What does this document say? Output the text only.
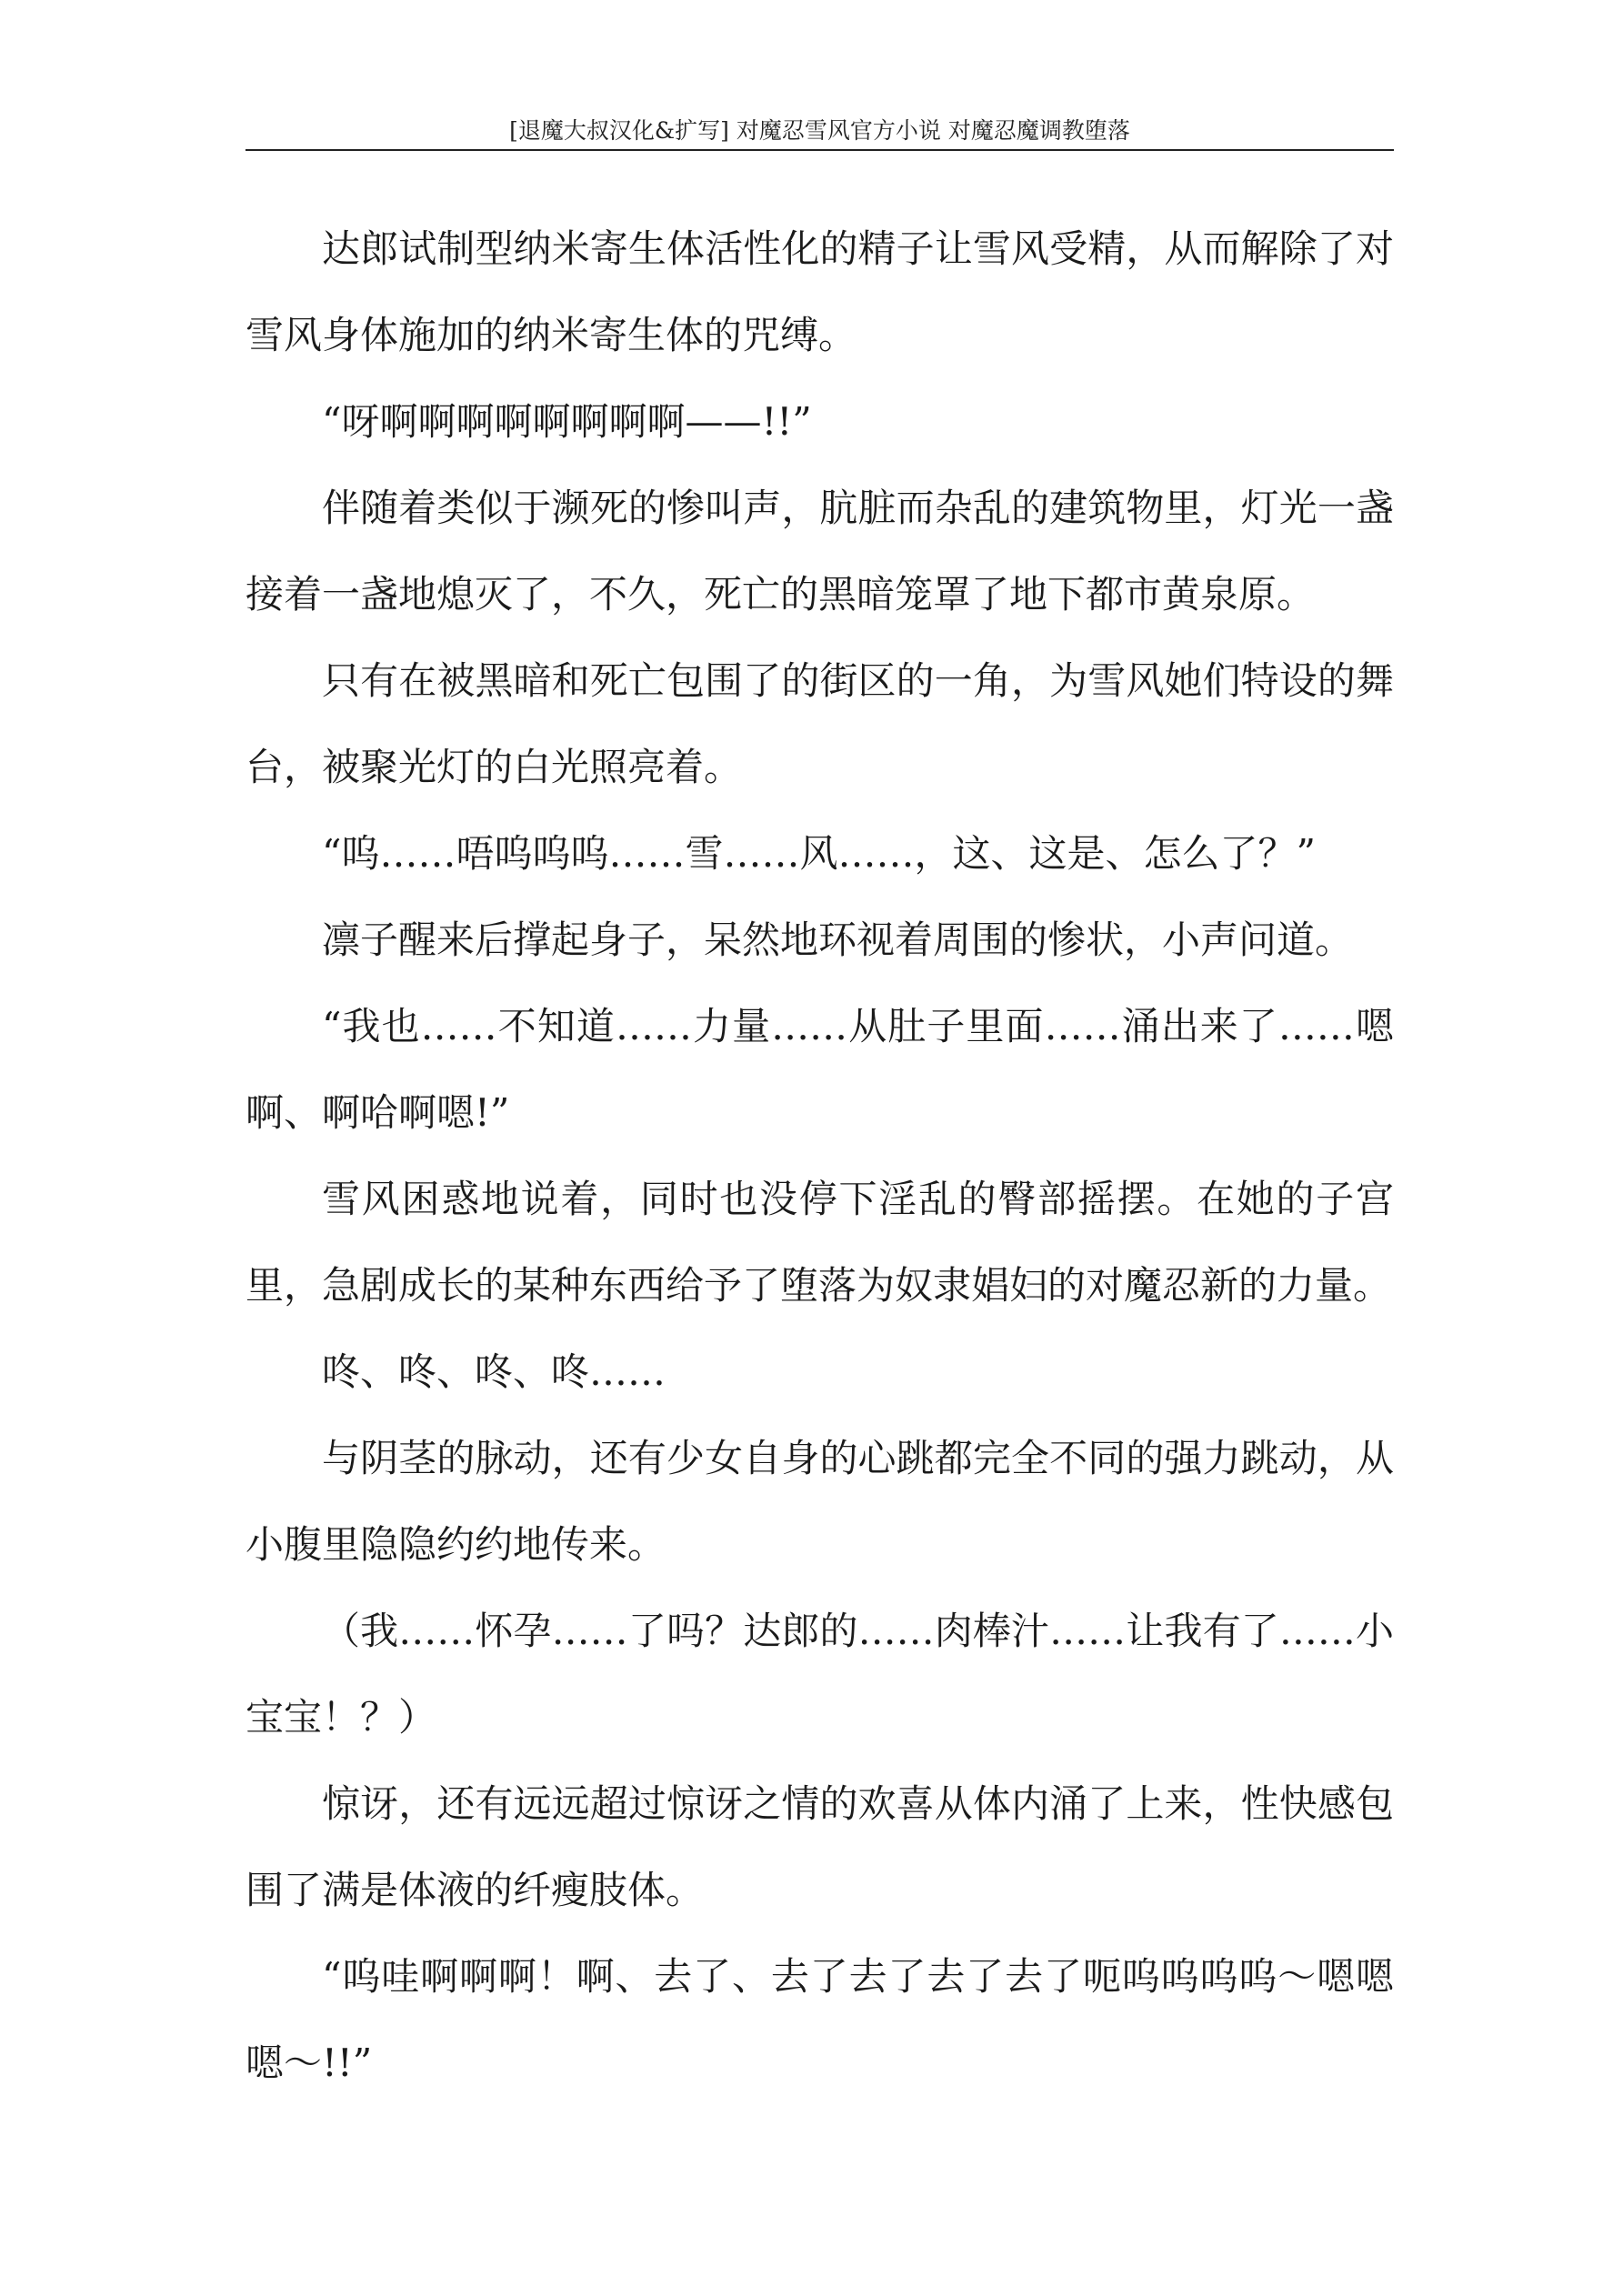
[退魔大叔汉化&扩写] 对魔忍雪风官方小说 对魔忍魔调教堕落

达郎试制型纳米寄生体活性化的精子让雪风受精，从而解除了对雪风身体施加的纳米寄生体的咒缚。

“呀啊啊啊啊啊啊啊啊——!!”

伴随着类似于濒死的惨叫声，肮脏而杂乱的建筑物里，灯光一盏接着一盏地熄灭了，不久，死亡的黑暗笼罩了地下都市黄泉原。

只有在被黑暗和死亡包围了的街区的一角，为雪风她们特设的舞台，被聚光灯的白光照亮着。

“呜……唔呜呜呜……雪……风……，这、这是、怎么了？”

凛子醒来后撑起身子，呆然地环视着周围的惨状，小声问道。

“我也……不知道……力量……从肚子里面……涌出来了……嗯啊、啊哈啊嗯!”

雪风困惑地说着，同时也没停下淫乱的臀部摇摆。在她的子宫里，急剧成长的某种东西给予了堕落为奴隶娼妇的对魔忍新的力量。

咚、咚、咚、咚……

与阴茎的脉动，还有少女自身的心跳都完全不同的强力跳动，从小腹里隐隐约约地传来。

（我……怀孕……了吗？达郎的……肉棒汁……让我有了……小宝宝！？）

惊讶，还有远远超过惊讶之情的欢喜从体内涌了上来，性快感包围了满是体液的纤瘦肢体。

“呜哇啊啊啊！啊、去了、去了去了去了去了呃呜呜呜呜～嗯嗯嗯～!!”
